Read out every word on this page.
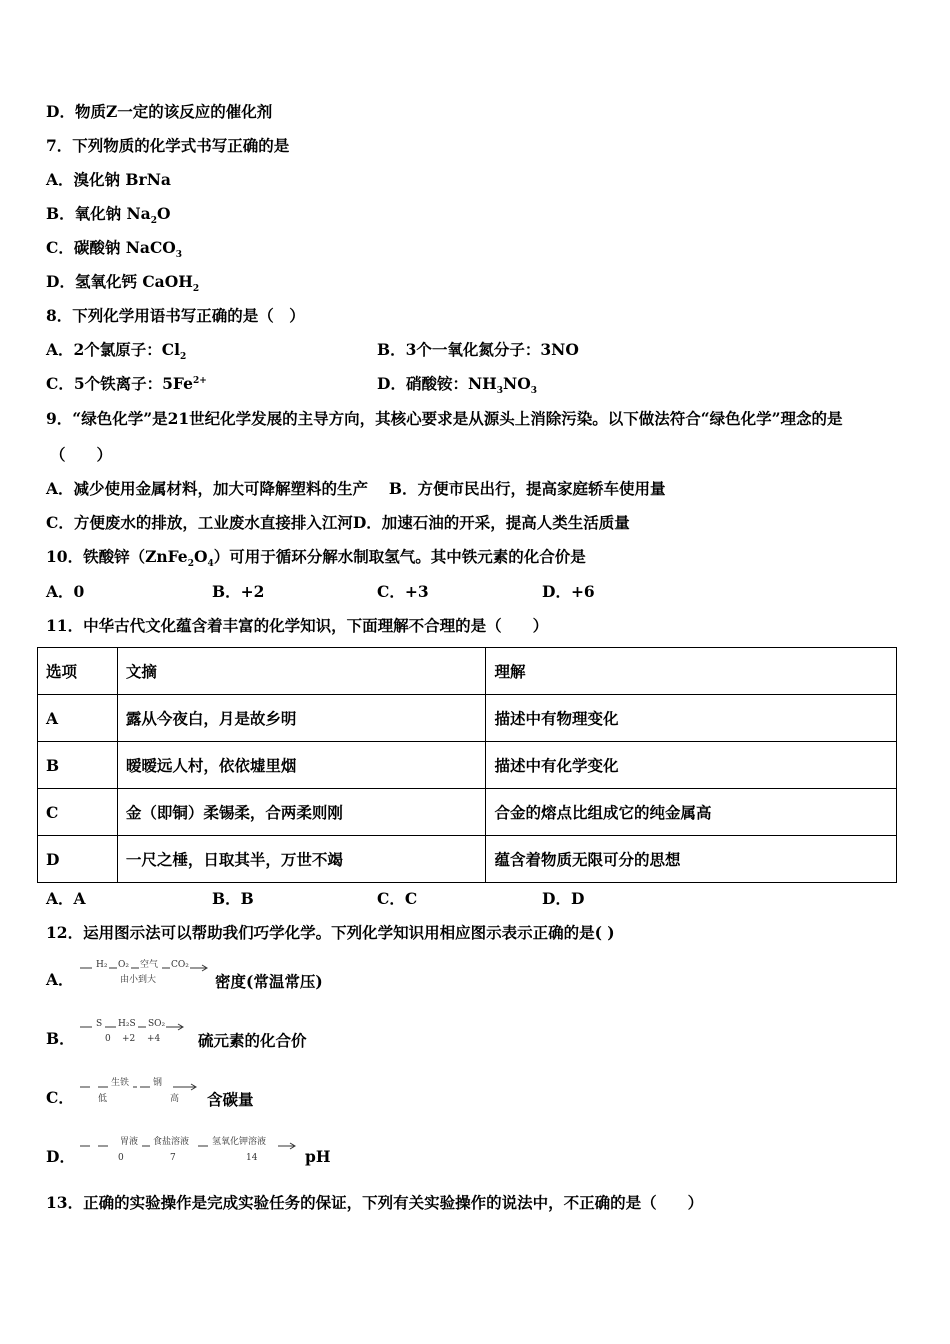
D．物质Z一定的该反应的催化剂
7．下列物质的化学式书写正确的是
A．溴化钠 BrNa
B．氧化钠 $Na_2O$
C．碳酸钠 NaCO$_3$
D．氢氧化钙 CaOH$_2$
8．下列化学用语书写正确的是（　）
A．2个氯原子：$Cl_2$	B．3个一氧化氮分子：3NO
C．5个铁离子：$5Fe^{2+}$	D．硝酸铵：$NH_3NO_3$
9．“绿色化学”是21世纪化学发展的主导方向，其核心要求是从源头上消除污染。以下做法符合“绿色化学”理念的是
（　　）
A．减少使用金属材料，加大可降解塑料的生产　 B．方便市民出行，提高家庭轿车使用量
C．方便废水的排放，工业废水直接排入江河D．加速石油的开采，提高人类生活质量
10．铁酸锌$(ZnFe_2O_4)$可用于循环分解水制取氢气。其中铁元素的化合价是
A．0	B．+2	C．+3	D．+6
11．中华古代文化蕴含着丰富的化学知识，下面理解不合理的是（　　）
选项	文摘	理解
A	露从今夜白，月是故乡明	描述中有物理变化
B	暧暧远人村，依依墟里烟	描述中有化学变化
C	金（即铜）柔锡柔，合两柔则刚	合金的熔点比组成它的纯金属高
D	一尺之棰，日取其半，万世不竭	蕴含着物质无限可分的思想
A．A	B．B	C．C	D．D
12．运用图示法可以帮助我们巧学化学。下列化学知识用相应图示表示正确的是( )
A．
H₂ O₂ 空气 CO₂
由小到大	密度(常温常压)
B．
S H₂S SO₂
0 +2 +4 硫元素的化合价
C．
生铁	钢
低	高 含碳量
D．
胃液 食盐溶液	氢氧化钾溶液
0	7	14	pH
13．正确的实验操作是完成实验任务的保证，下列有关实验操作的说法中，不正确的是（　　）
